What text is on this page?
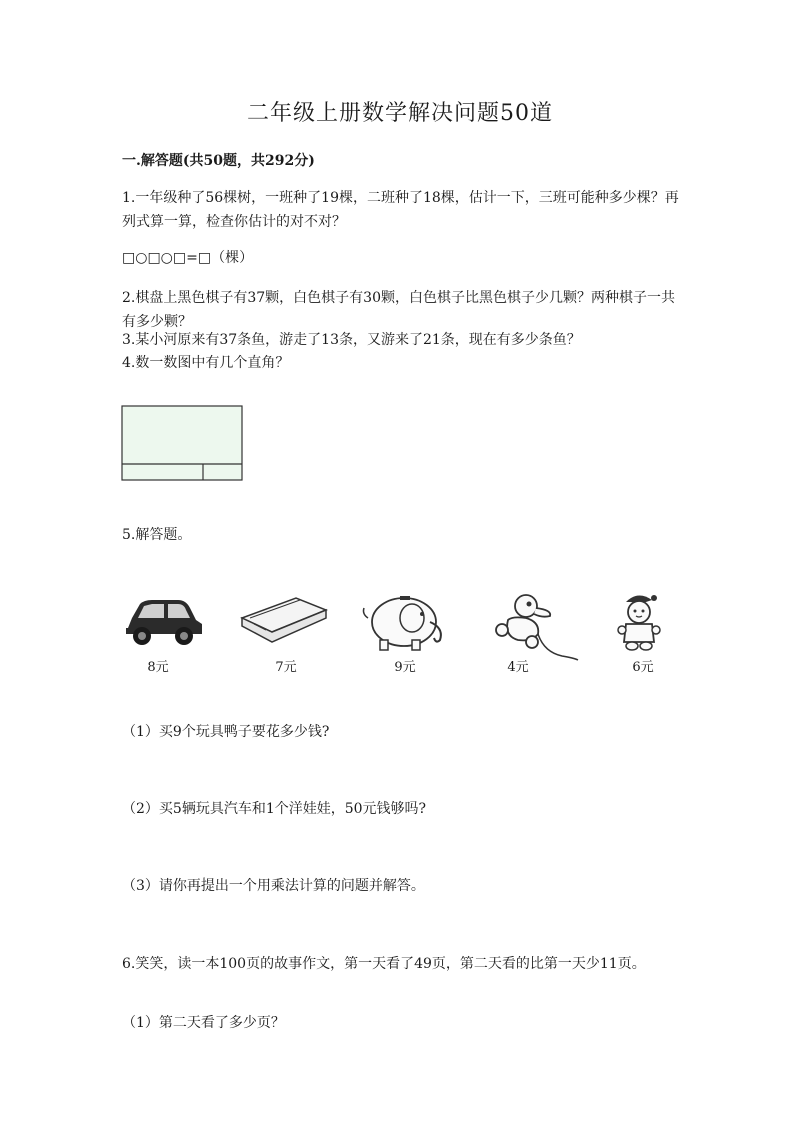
二年级上册数学解决问题50道
一.解答题(共50题，共292分)
1.一年级种了56棵树，一班种了19棵，二班种了18棵，估计一下，三班可能种多少棵？再列式算一算，检查你估计的对不对？
□○□○□=□（棵）
2.棋盘上黑色棋子有37颗，白色棋子有30颗，白色棋子比黑色棋子少几颗？两种棋子一共有多少颗？
3.某小河原来有37条鱼，游走了13条，又游来了21条，现在有多少条鱼？
4.数一数图中有几个直角？
5.解答题。
8元	7元	9元	4元	6元
（1）买9个玩具鸭子要花多少钱?
（2）买5辆玩具汽车和1个洋娃娃，50元钱够吗?
（3）请你再提出一个用乘法计算的问题并解答。
6.笑笑，读一本100页的故事作文，第一天看了49页，第二天看的比第一天少11页。
（1）第二天看了多少页？
